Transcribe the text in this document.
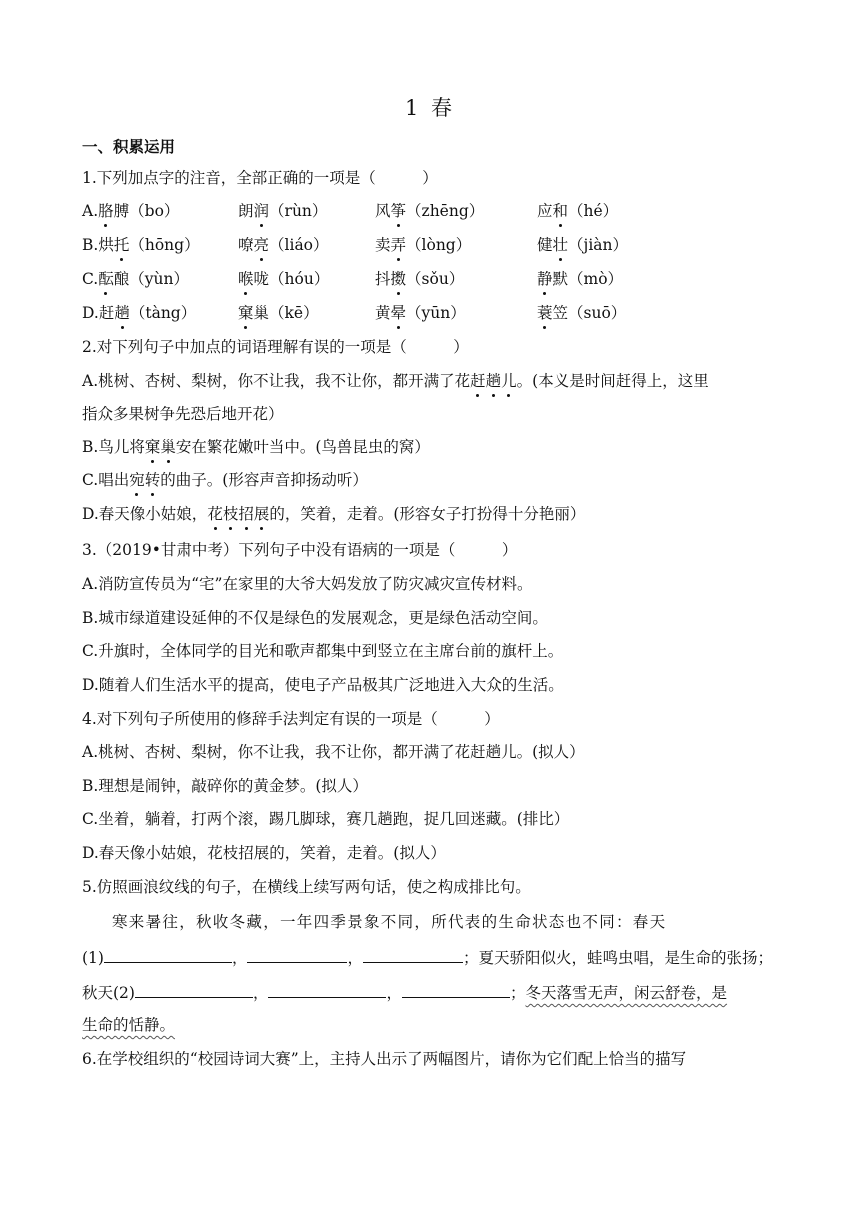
1 春
一、积累运用
1.下列加点字的注音，全部正确的一项是（　　　）
A.胳膊（bo）	朗润（rùn）	风筝（zhēng）	应和（hé）
B.烘托（hōng） 嘹亮（liáo）	卖弄（lòng）	健壮（jiàn）
C.酝酿（yùn）	喉咙（hóu）	抖擞（sǒu）	静默（mò）
D.赶趟（tàng）	窠巢（kē）	黄晕（yūn）	蓑笠（suō）
2.对下列句子中加点的词语理解有误的一项是（　　　）
A.桃树、杏树、梨树，你不让我，我不让你，都开满了花赶趟儿。(本义是时间赶得上，这里
指众多果树争先恐后地开花）
B.鸟儿将窠巢安在繁花嫩叶当中。(鸟兽昆虫的窝）
C.唱出宛转的曲子。(形容声音抑扬动听）
D.春天像小姑娘，花枝招展的，笑着，走着。(形容女子打扮得十分艳丽）
3.（2019•甘肃中考）下列句子中没有语病的一项是（　　　）
A.消防宣传员为“宅”在家里的大爷大妈发放了防灾减灾宣传材料。
B.城市绿道建设延伸的不仅是绿色的发展观念，更是绿色活动空间。
C.升旗时，全体同学的目光和歌声都集中到竖立在主席台前的旗杆上。
D.随着人们生活水平的提高，使电子产品极其广泛地进入大众的生活。
4.对下列句子所使用的修辞手法判定有误的一项是（　　　）
A.桃树、杏树、梨树，你不让我，我不让你，都开满了花赶趟儿。(拟人）
B.理想是闹钟，敲碎你的黄金梦。(拟人）
C.坐着，躺着，打两个滚，踢几脚球，赛几趟跑，捉几回迷藏。(排比）
D.春天像小姑娘，花枝招展的，笑着，走着。(拟人）
5.仿照画浪纹线的句子，在横线上续写两句话，使之构成排比句。
寒来暑往，秋收冬藏，一年四季景象不同，所代表的生命状态也不同：春天
(1)	，	，	；夏天骄阳似火，蛙鸣虫唱，是生命的张扬；
秋天(2)	，	，	；冬天落雪无声，闲云舒卷，是
生命的恬静。
6.在学校组织的“校园诗词大赛”上，主持人出示了两幅图片，请你为它们配上恰当的描写
